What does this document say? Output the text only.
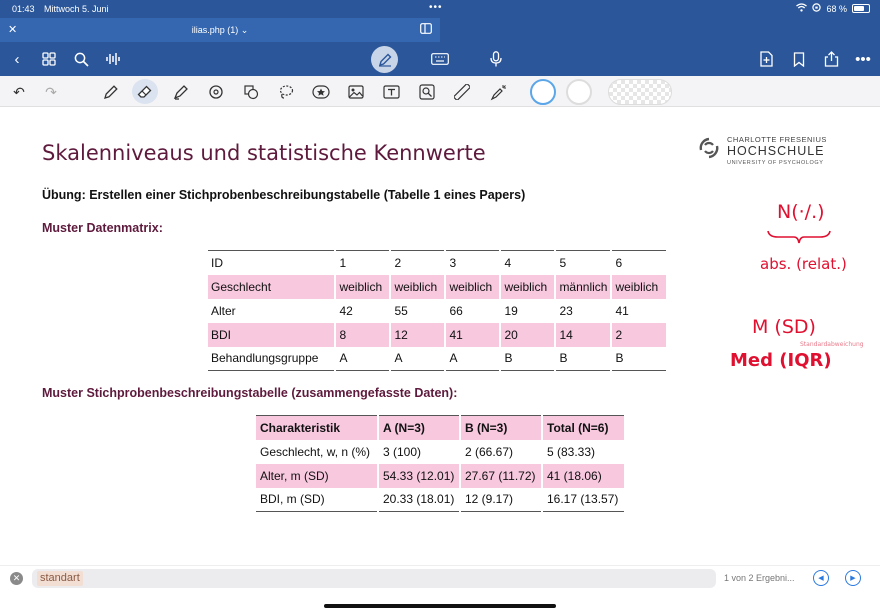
01:43 Mittwoch 5. Juni	•••	68 %
✕	ilias.php (1) ⌄
‹	•••
↶	↷
Skalenniveaus und statistische Kennwerte
CHARLOTTE FRESENIUS
HOCHSCHULE
UNIVERSITY OF PSYCHOLOGY
Übung: Erstellen einer Stichprobenbeschreibungstabelle (Tabelle 1 eines Papers)
Muster Datenmatrix:
ID	1	2	3	4	5	6
Geschlecht	weiblich	weiblich	weiblich	weiblich	männlich	weiblich
Alter	42	55	66	19	23	41
BDI	8	12	41	20	14	2
Behandlungsgruppe	A	A	A	B	B	B
Muster Stichprobenbeschreibungstabelle (zusammengefasste Daten):
Charakteristik	A (N=3)	B (N=3)	Total (N=6)
Geschlecht, w, n (%)	3 (100)	2 (66.67)	5 (83.33)
Alter, m (SD)	54.33 (12.01)	27.67 (11.72)	41 (18.06)
BDI, m (SD)	20.33 (18.01)	12 (9.17)	16.17 (13.57)
N(·/.)
abs. (relat.)
M (SD)
Standardabweichung
Med (IQR)
✕ standart	1 von 2 Ergebni...	◀	▶
